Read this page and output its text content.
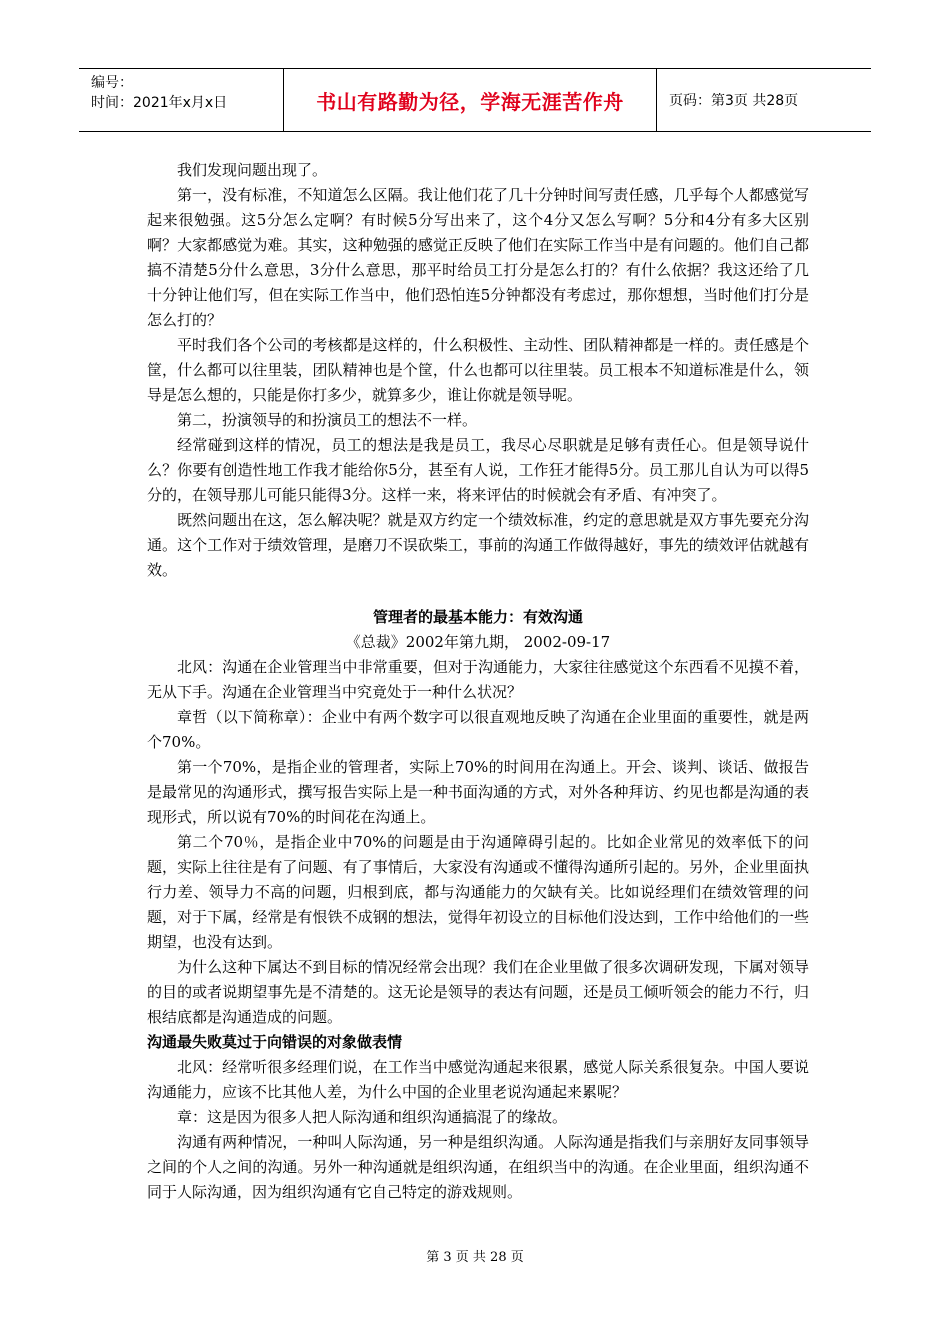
编号：
时间：2021年x月x日	书山有路勤为径，学海无涯苦作舟	页码：第3页 共28页

我们发现问题出现了。

第一，没有标准，不知道怎么区隔。我让他们花了几十分钟时间写责任感，几乎每个人都感觉写起来很勉强。这5分怎么定啊？有时候5分写出来了，这个4分又怎么写啊？5分和4分有多大区别啊？大家都感觉为难。其实，这种勉强的感觉正反映了他们在实际工作当中是有问题的。他们自己都搞不清楚5分什么意思，3分什么意思，那平时给员工打分是怎么打的？有什么依据？我这还给了几十分钟让他们写，但在实际工作当中，他们恐怕连5分钟都没有考虑过，那你想想，当时他们打分是怎么打的？

平时我们各个公司的考核都是这样的，什么积极性、主动性、团队精神都是一样的。责任感是个筐，什么都可以往里装，团队精神也是个筐，什么也都可以往里装。员工根本不知道标准是什么，领导是怎么想的，只能是你打多少，就算多少，谁让你就是领导呢。

第二，扮演领导的和扮演员工的想法不一样。

经常碰到这样的情况，员工的想法是我是员工，我尽心尽职就是足够有责任心。但是领导说什么？你要有创造性地工作我才能给你5分，甚至有人说，工作狂才能得5分。员工那儿自认为可以得5分的，在领导那儿可能只能得3分。这样一来，将来评估的时候就会有矛盾、有冲突了。

既然问题出在这，怎么解决呢？就是双方约定一个绩效标准，约定的意思就是双方事先要充分沟通。这个工作对于绩效管理，是磨刀不误砍柴工，事前的沟通工作做得越好，事先的绩效评估就越有效。

管理者的最基本能力：有效沟通

《总裁》2002年第九期， 2002-09-17

北风：沟通在企业管理当中非常重要，但对于沟通能力，大家往往感觉这个东西看不见摸不着，无从下手。沟通在企业管理当中究竟处于一种什么状况？

章哲（以下简称章）：企业中有两个数字可以很直观地反映了沟通在企业里面的重要性，就是两个70%。

第一个70%，是指企业的管理者，实际上70%的时间用在沟通上。开会、谈判、谈话、做报告是最常见的沟通形式，撰写报告实际上是一种书面沟通的方式，对外各种拜访、约见也都是沟通的表现形式，所以说有70%的时间花在沟通上。

第二个70％，是指企业中70%的问题是由于沟通障碍引起的。比如企业常见的效率低下的问题，实际上往往是有了问题、有了事情后，大家没有沟通或不懂得沟通所引起的。另外，企业里面执行力差、领导力不高的问题，归根到底，都与沟通能力的欠缺有关。比如说经理们在绩效管理的问题，对于下属，经常是有恨铁不成钢的想法，觉得年初设立的目标他们没达到，工作中给他们的一些期望，也没有达到。

为什么这种下属达不到目标的情况经常会出现？我们在企业里做了很多次调研发现，下属对领导的目的或者说期望事先是不清楚的。这无论是领导的表达有问题，还是员工倾听领会的能力不行，归根结底都是沟通造成的问题。

沟通最失败莫过于向错误的对象做表情

北风：经常听很多经理们说，在工作当中感觉沟通起来很累，感觉人际关系很复杂。中国人要说沟通能力，应该不比其他人差，为什么中国的企业里老说沟通起来累呢？

章：这是因为很多人把人际沟通和组织沟通搞混了的缘故。

沟通有两种情况，一种叫人际沟通，另一种是组织沟通。人际沟通是指我们与亲朋好友同事领导之间的个人之间的沟通。另外一种沟通就是组织沟通，在组织当中的沟通。在企业里面，组织沟通不同于人际沟通，因为组织沟通有它自己特定的游戏规则。

第 3 页 共 28 页
